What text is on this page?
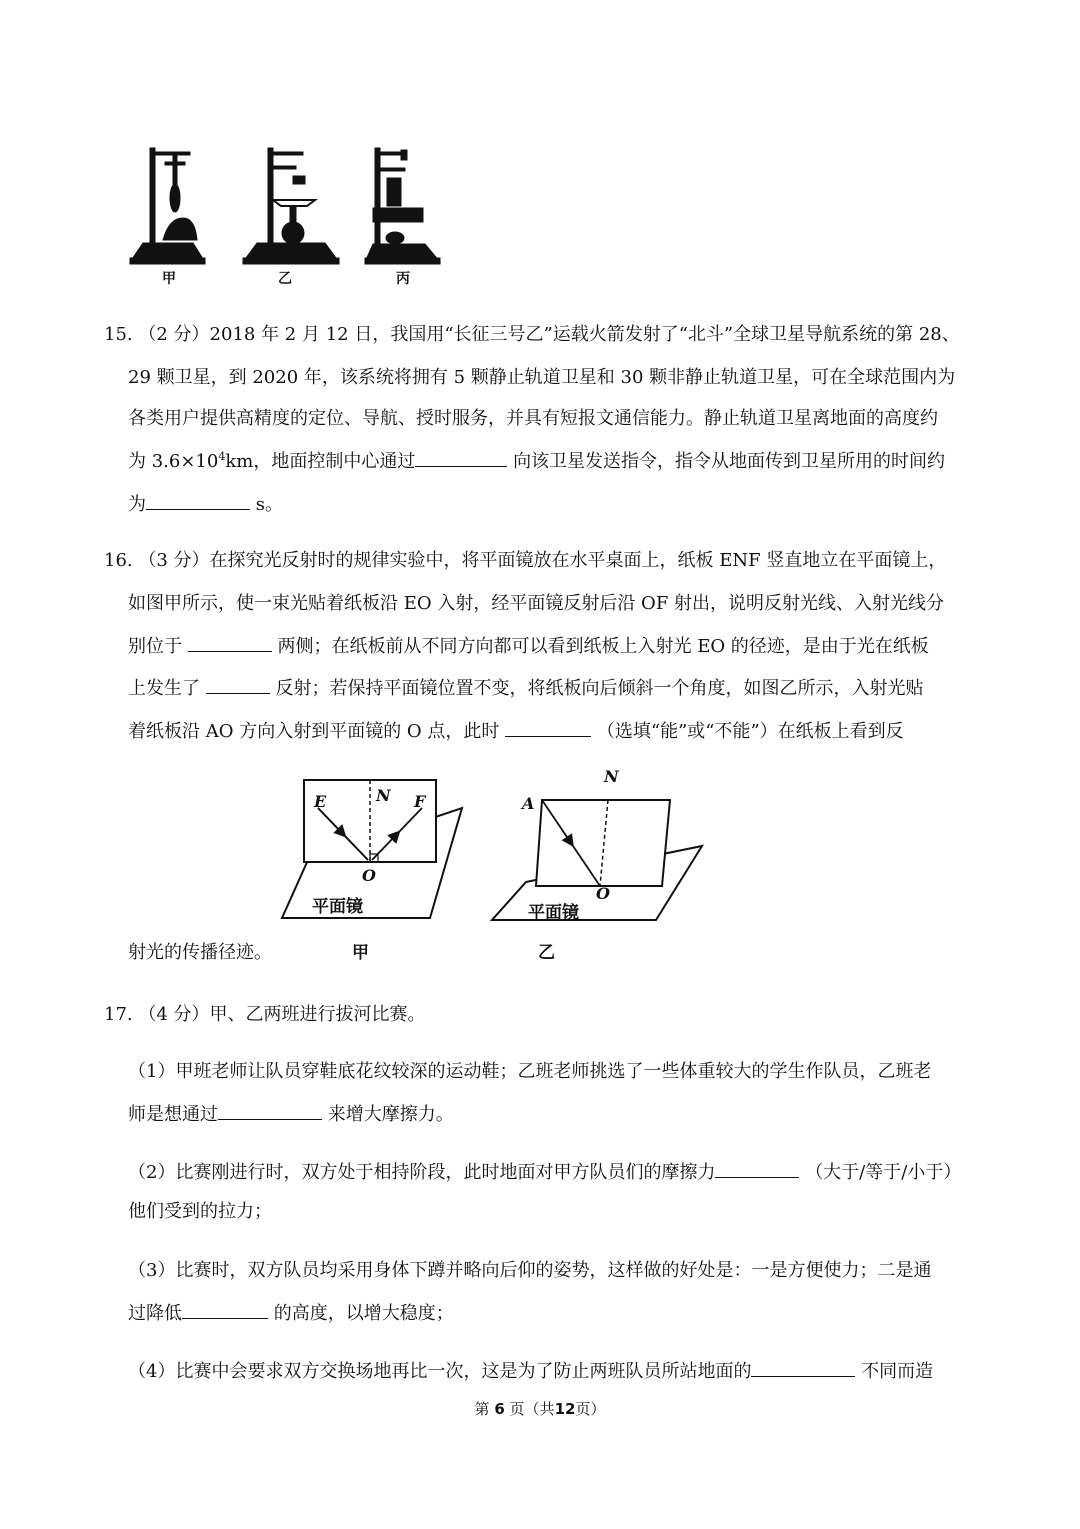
甲	乙	丙
15. （2 分）2018 年 2 月 12 日，我国用“长征三号乙”运载火箭发射了“北斗”全球卫星导航系统的第 28、
29 颗卫星，到 2020 年，该系统将拥有 5 颗静止轨道卫星和 30 颗非静止轨道卫星，可在全球范围内为
各类用户提供高精度的定位、导航、授时服务，并具有短报文通信能力。静止轨道卫星离地面的高度约
为 $3.6\times 10^4km$，地面控制中心通过	向该卫星发送指令，指令从地面传到卫星所用的时间约
为	s。
16. （3 分）在探究光反射时的规律实验中，将平面镜放在水平桌面上，纸板 ENF 竖直地立在平面镜上，
如图甲所示，使一束光贴着纸板沿 EO 入射，经平面镜反射后沿 OF 射出，说明反射光线、入射光线分
别位于	两侧；在纸板前从不同方向都可以看到纸板上入射光 EO 的径迹，是由于光在纸板
上发生了	反射；若保持平面镜位置不变，将纸板向后倾斜一个角度，如图乙所示，入射光贴
着纸板沿 AO 方向入射到平面镜的 O 点，此时	（选填“能”或“不能”）在纸板上看到反
E	N F
O
平面镜
甲
A
N
O
平面镜
乙
射光的传播径迹。
17. （4 分）甲、乙两班进行拔河比赛。
（1）甲班老师让队员穿鞋底花纹较深的运动鞋；乙班老师挑选了一些体重较大的学生作队员，乙班老
师是想通过	来增大摩擦力。
（2）比赛刚进行时，双方处于相持阶段，此时地面对甲方队员们的摩擦力	（大于/等于/小于）
他们受到的拉力；
（3）比赛时，双方队员均采用身体下蹲并略向后仰的姿势，这样做的好处是：一是方便使力；二是通
过降低	的高度，以增大稳度；
（4）比赛中会要求双方交换场地再比一次，这是为了防止两班队员所站地面的	不同而造
第 6 页（共12页）
